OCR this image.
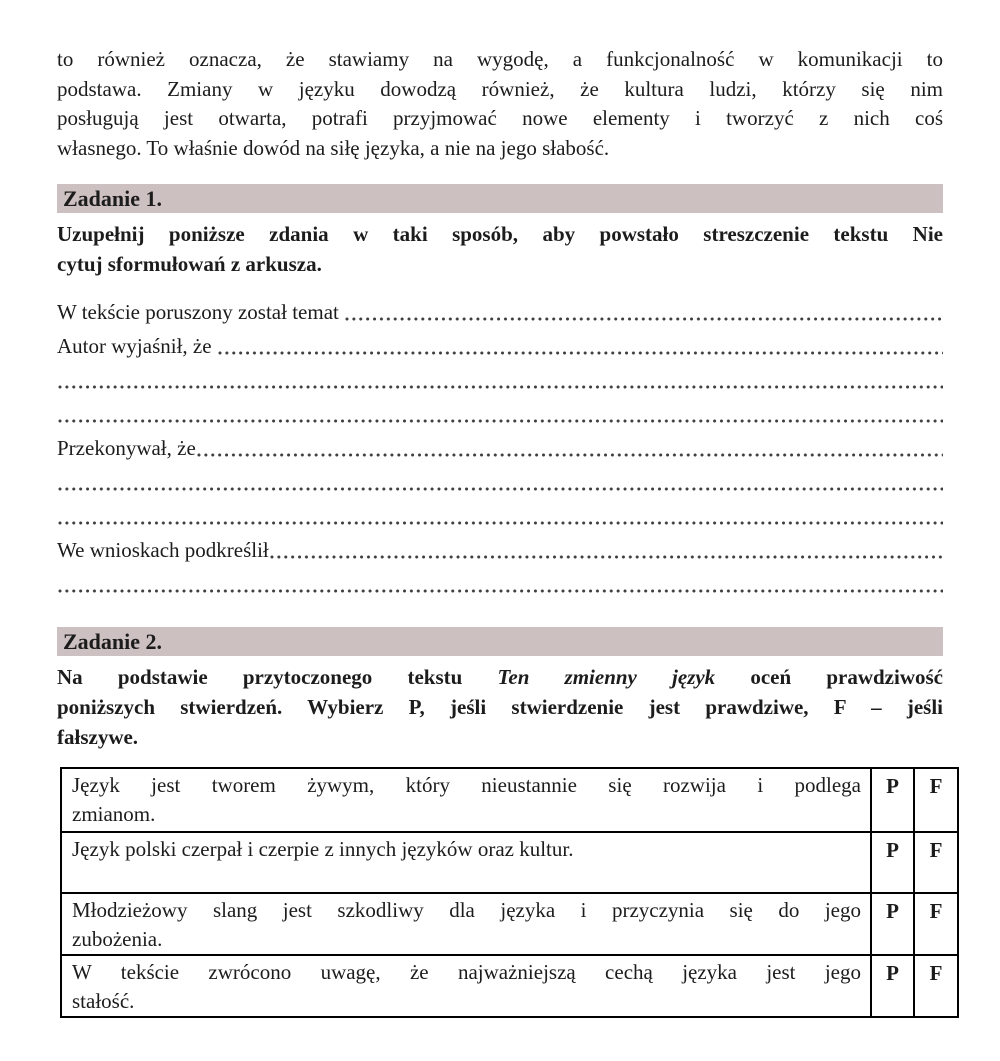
to również oznacza, że stawiamy na wygodę, a funkcjonalność w komunikacji to
podstawa. Zmiany w języku dowodzą również, że kultura ludzi, którzy się nim
posługują jest otwarta, potrafi przyjmować nowe elementy i tworzyć z nich coś
własnego. To właśnie dowód na siłę języka, a nie na jego słabość.
Zadanie 1.
Uzupełnij poniższe zdania w taki sposób, aby powstało streszczenie tekstu Nie
cytuj sformułowań z arkusza.
W tekście poruszony został temat
Autor wyjaśnił, że
Przekonywał, że
We wnioskach podkreślił
Zadanie 2.
Na podstawie przytoczonego tekstu Ten zmienny język oceń prawdziwość
poniższych stwierdzeń. Wybierz P, jeśli stwierdzenie jest prawdziwe, F – jeśli
fałszywe.
Język jest tworem żywym, który nieustannie się rozwija i podlega
zmianom.	P	F

Język polski czerpał i czerpie z innych języków oraz kultur.	P	F

Młodzieżowy slang jest szkodliwy dla języka i przyczynia się do jego
zubożenia.	P	F

W tekście zwrócono uwagę, że najważniejszą cechą języka jest jego
stałość.	P	F
